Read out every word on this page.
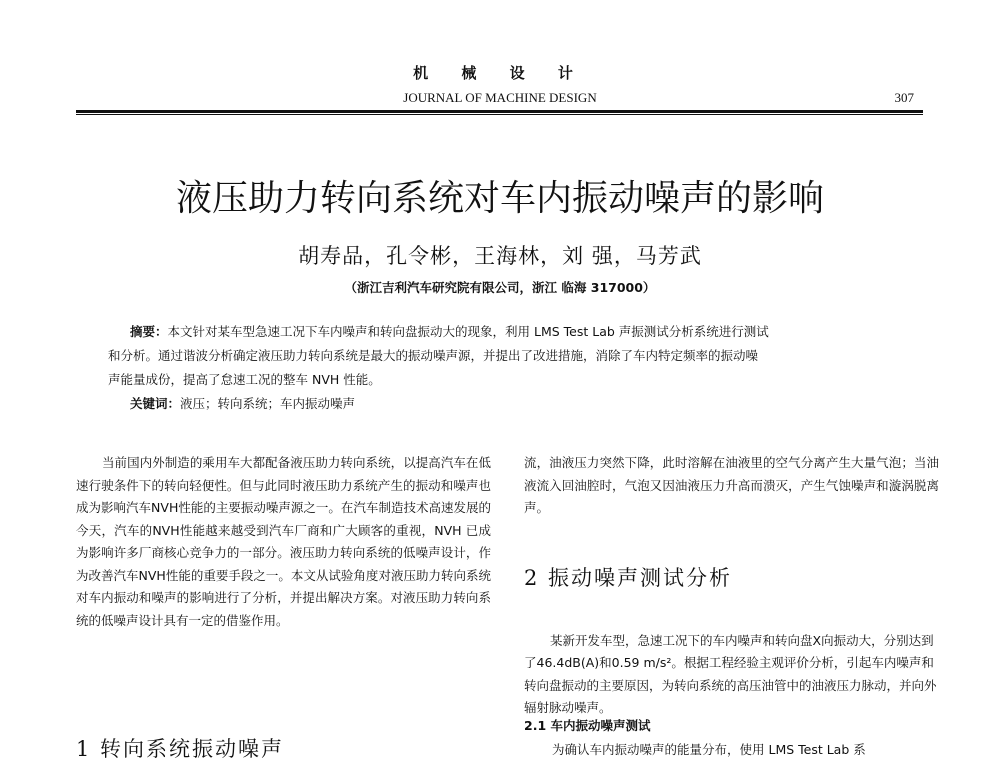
机 械 设 计
JOURNAL OF MACHINE DESIGN	307
液压助力转向系统对车内振动噪声的影响
胡寿品，孔令彬，王海林，刘 强，马芳武
（浙江吉利汽车研究院有限公司，浙江 临海 317000）
摘要：本文针对某车型急速工况下车内噪声和转向盘振动大的现象，利用 LMS Test Lab 声振测试分析系统进行测试
和分析。通过谐波分析确定液压助力转向系统是最大的振动噪声源，并提出了改进措施，消除了车内特定频率的振动噪
声能量成份，提高了怠速工况的整车 NVH 性能。
关键词：液压；转向系统；车内振动噪声

当前国内外制造的乘用车大都配备液压助力转向系统，以提高汽车在低速行驶条件下的转向轻便性。但与此同时液压助力系统产生的振动和噪声也成为影响汽车NVH性能的主要振动噪声源之一。在汽车制造技术高速发展的今天，汽车的NVH性能越来越受到汽车厂商和广大顾客的重视，NVH 已成为影响许多厂商核心竞争力的一部分。液压助力转向系统的低噪声设计，作为改善汽车NVH性能的重要手段之一。本文从试验角度对液压助力转向系统对车内振动和噪声的影响进行了分析，并提出解决方案。对液压助力转向系统的低噪声设计具有一定的借鉴作用。

1 转向系统振动噪声

流，油液压力突然下降，此时溶解在油液里的空气分离产生大量气泡；当油液流入回油腔时，气泡又因油液压力升高而溃灭，产生气蚀噪声和漩涡脱离声。

2 振动噪声测试分析

某新开发车型，急速工况下的车内噪声和转向盘X向振动大，分别达到了46.4dB(A)和0.59 m/s²。根据工程经验主观评价分析，引起车内噪声和转向盘振动的主要原因，为转向系统的高压油管中的油液压力脉动，并向外辐射脉动噪声。

2.1 车内振动噪声测试
为确认车内振动噪声的能量分布，使用 LMS Test Lab 系
